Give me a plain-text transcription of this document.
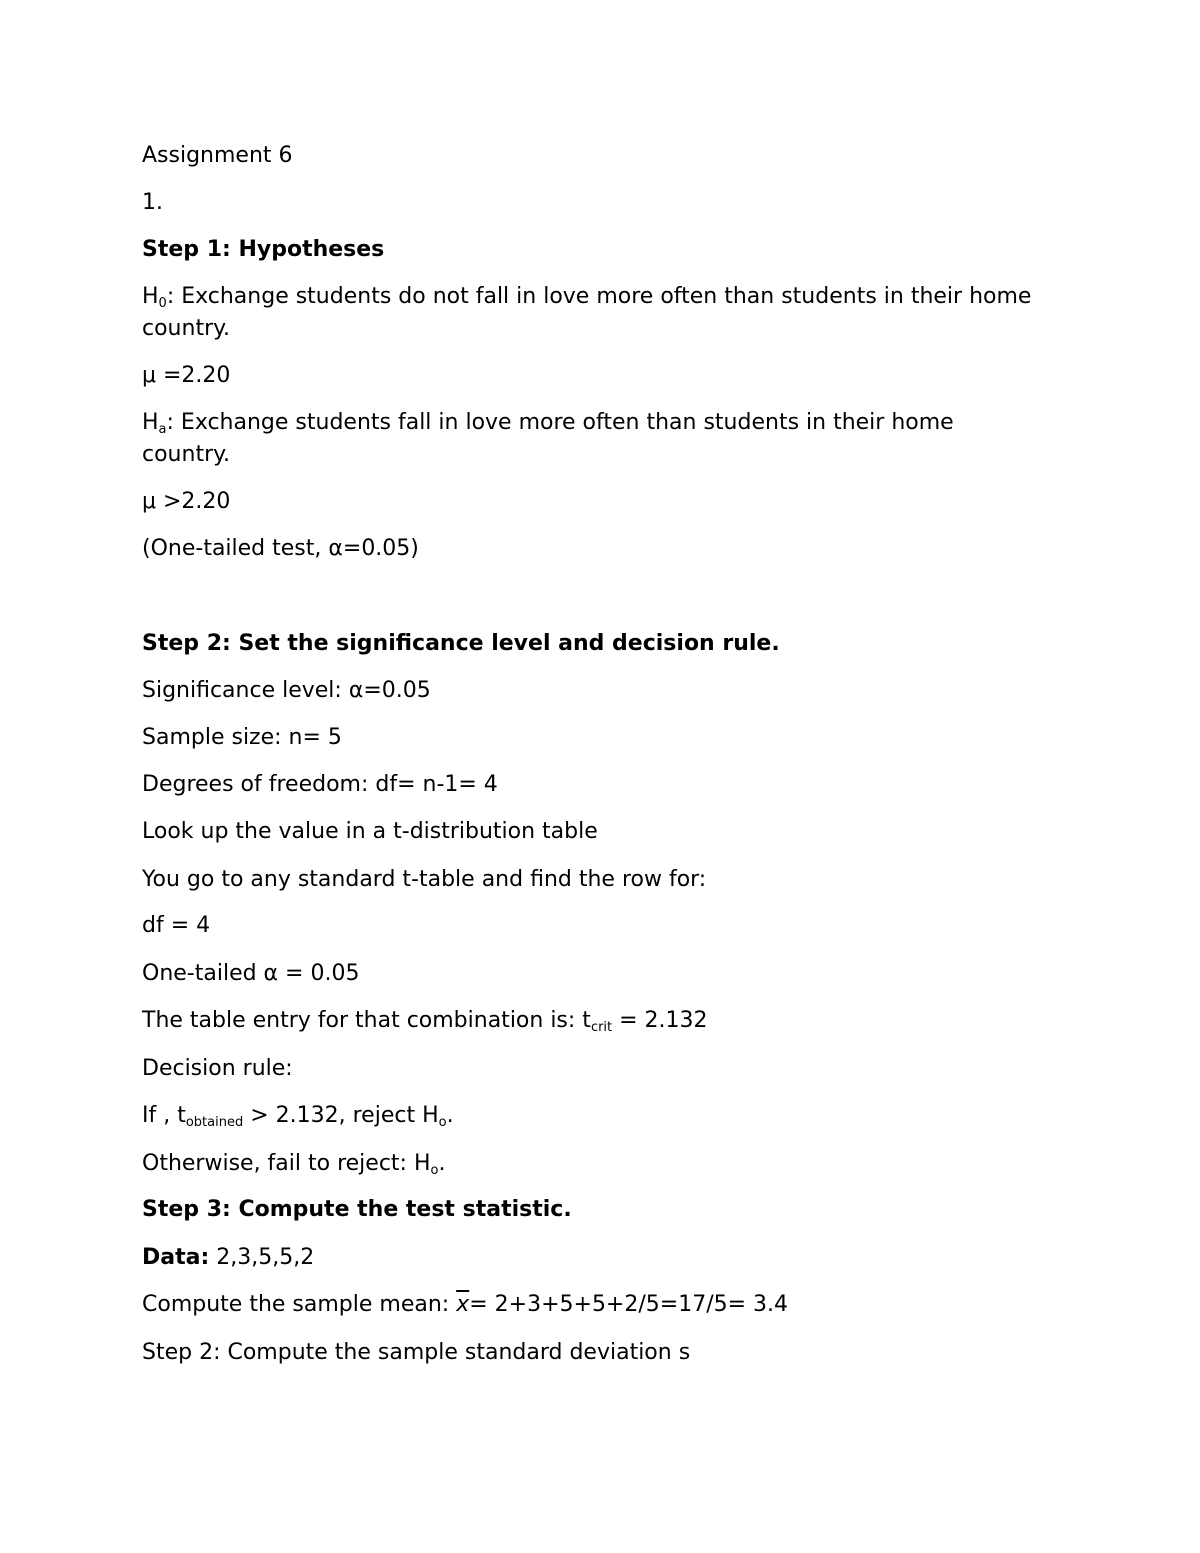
Assignment 6
1.
Step 1: Hypotheses
$H_0$: Exchange students do not fall in love more often than students in their home country.
μ =2.20
$H_a$: Exchange students fall in love more often than students in their home country.
μ >2.20
(One-tailed test, α=0.05)
Step 2: Set the significance level and decision rule.
Significance level: α=0.05
Sample size: n= 5
Degrees of freedom: df= n-1= 4
Look up the value in a t-distribution table
You go to any standard t-table and find the row for:
df = 4
One-tailed α = 0.05
The table entry for that combination is: $t_{crit} = 2.132$
Decision rule:
If , $t_{obtained} > 2.132$, reject $H_o$.
Otherwise, fail to reject: $H_o$.
Step 3: Compute the test statistic.
Data: 2,3,5,5,2
Compute the sample mean: $\overline{x}= 2+3+5+5+2/5=17/5= 3.4$
Step 2: Compute the sample standard deviation s
